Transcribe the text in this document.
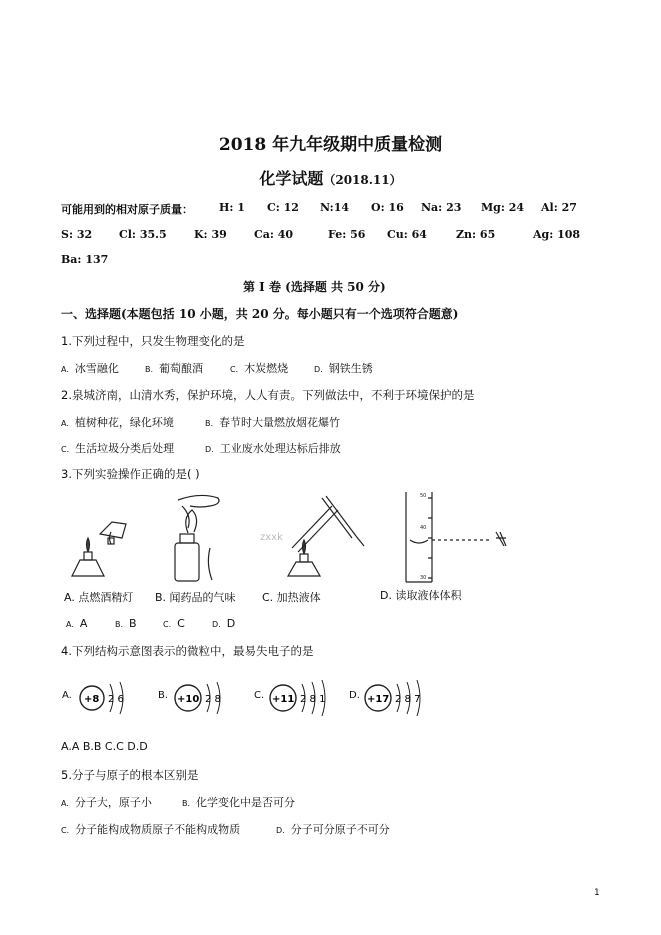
2018 年九年级期中质量检测
化学试题（2018.11）
可能用到的相对原子质量： H: 1 C: 12 N:14 O: 16 Na: 23 Mg: 24 Al: 27
S: 32 Cl: 35.5 K: 39 Ca: 40	Fe: 56 Cu: 64	Zn: 65	Ag: 108
Ba: 137
第 I 卷 (选择题 共 50 分)
一、选择题(本题包括 10 小题，共 20 分。每小题只有一个选项符合题意)
1.下列过程中，只发生物理变化的是
A. 冰雪融化	B. 葡萄酿酒	C. 木炭燃烧	D. 钢铁生锈
2.泉城济南，山清水秀，保护环境，人人有责。下列做法中，不利于环境保护的是
A. 植树种花，绿化环境	B. 春节时大量燃放烟花爆竹
C. 生活垃圾分类后处理	D. 工业废水处理达标后排放
3.下列实验操作正确的是( )
zxxk
50
40
30
A. 点燃酒精灯 B. 闻药品的气味 C. 加热液体	D. 读取液体体积
A. A	B. B	C. C	D. D
4.下列结构示意图表示的微粒中，最易失电子的是
A. +8 2 6	B. +10 2 8	C. +11 2 8 1 D. +17 2 8 7
A.A B.B C.C D.D
5.分子与原子的根本区别是
A. 分子大，原子小	B. 化学变化中是否可分
C. 分子能构成物质原子不能构成物质	D. 分子可分原子不可分
1
